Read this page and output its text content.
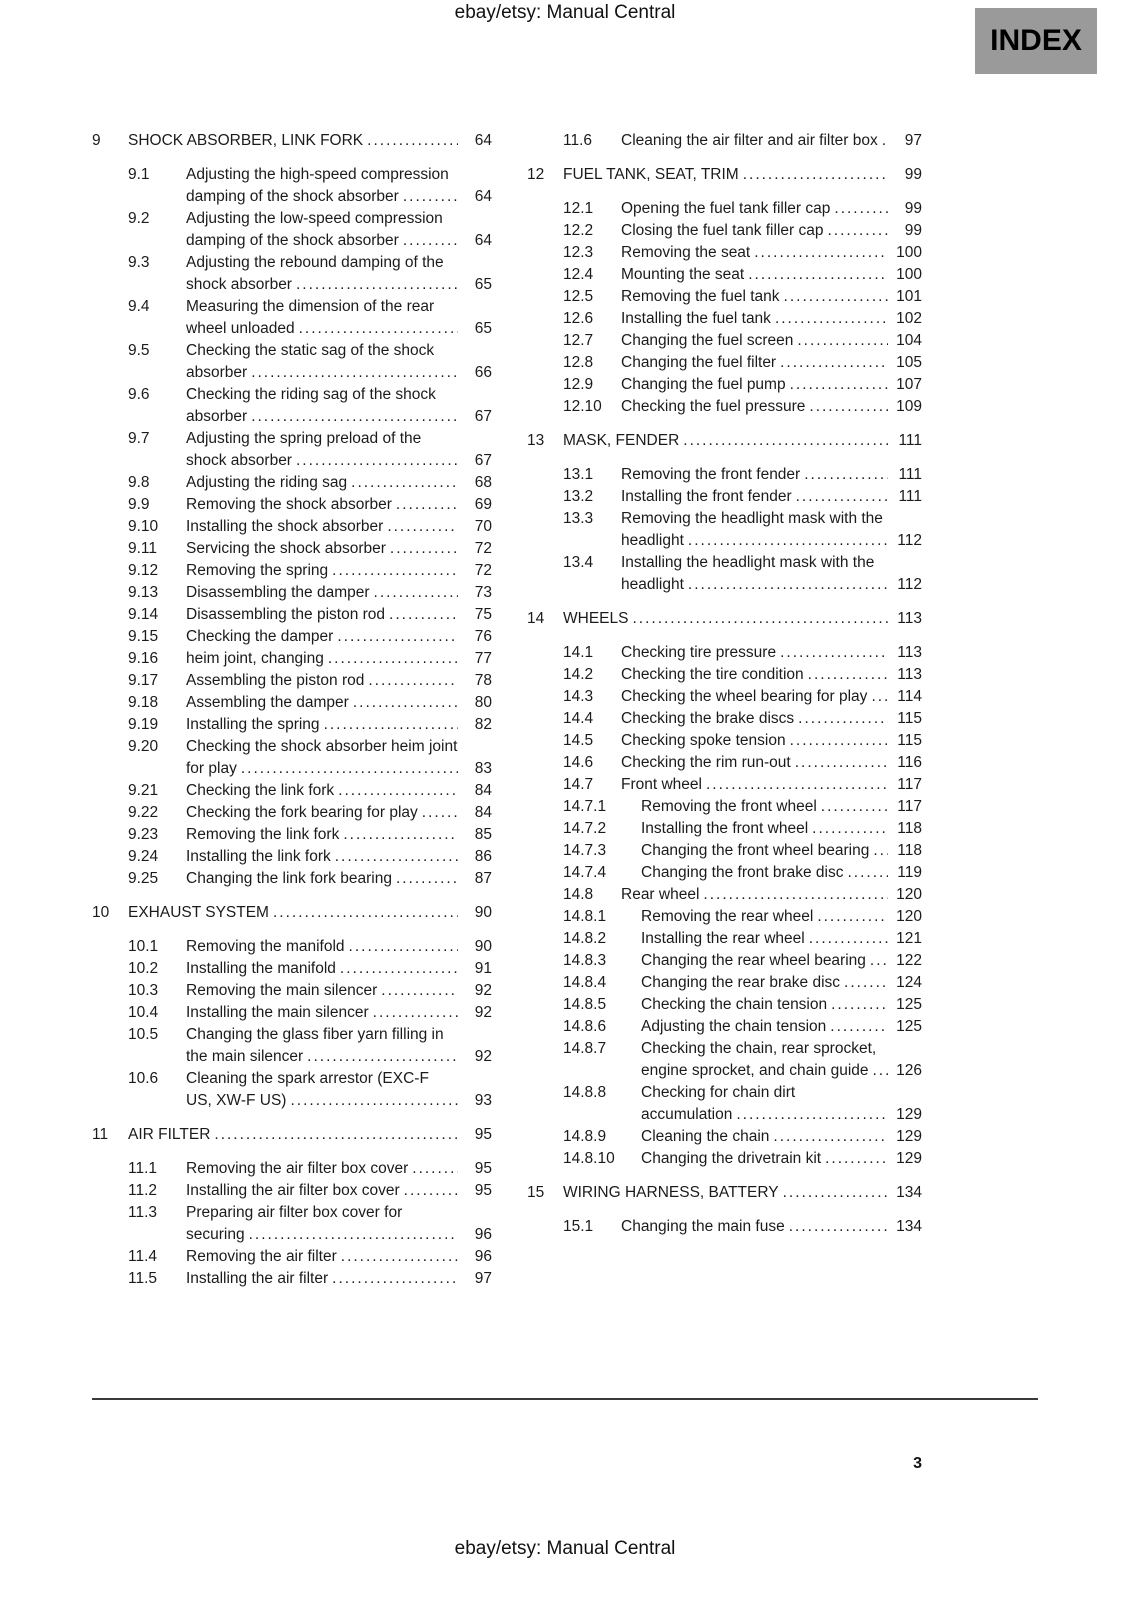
ebay/etsy: Manual Central
INDEX
9	SHOCK ABSORBER, LINK FORK .....	64
9.1	Adjusting the high-speed compression damping of the shock absorber .....	64
9.2	Adjusting the low-speed compression damping of the shock absorber .....	64
9.3	Adjusting the rebound damping of the shock absorber .....	65
9.4	Measuring the dimension of the rear wheel unloaded .....	65
9.5	Checking the static sag of the shock absorber .....	66
9.6	Checking the riding sag of the shock absorber .....	67
9.7	Adjusting the spring preload of the shock absorber .....	67
9.8	Adjusting the riding sag .....	68
9.9	Removing the shock absorber .....	69
9.10	Installing the shock absorber .....	70
9.11	Servicing the shock absorber .....	72
9.12	Removing the spring .....	72
9.13	Disassembling the damper .....	73
9.14	Disassembling the piston rod .....	75
9.15	Checking the damper .....	76
9.16	heim joint, changing .....	77
9.17	Assembling the piston rod .....	78
9.18	Assembling the damper .....	80
9.19	Installing the spring .....	82
9.20	Checking the shock absorber heim joint for play .....	83
9.21	Checking the link fork .....	84
9.22	Checking the fork bearing for play .....	84
9.23	Removing the link fork .....	85
9.24	Installing the link fork .....	86
9.25	Changing the link fork bearing .....	87
10	EXHAUST SYSTEM .....	90
10.1	Removing the manifold .....	90
10.2	Installing the manifold .....	91
10.3	Removing the main silencer .....	92
10.4	Installing the main silencer .....	92
10.5	Changing the glass fiber yarn filling in the main silencer .....	92
10.6	Cleaning the spark arrestor (EXC-F US, XW-F US) .....	93
11	AIR FILTER .....	95
11.1	Removing the air filter box cover .....	95
11.2	Installing the air filter box cover .....	95
11.3	Preparing air filter box cover for securing .....	96
11.4	Removing the air filter .....	96
11.5	Installing the air filter .....	97
11.6	Cleaning the air filter and air filter box .....	97
12	FUEL TANK, SEAT, TRIM .....	99
12.1	Opening the fuel tank filler cap .....	99
12.2	Closing the fuel tank filler cap .....	99
12.3	Removing the seat .....	100
12.4	Mounting the seat .....	100
12.5	Removing the fuel tank .....	101
12.6	Installing the fuel tank .....	102
12.7	Changing the fuel screen .....	104
12.8	Changing the fuel filter .....	105
12.9	Changing the fuel pump .....	107
12.10	Checking the fuel pressure .....	109
13	MASK, FENDER .....	111
13.1	Removing the front fender .....	111
13.2	Installing the front fender .....	111
13.3	Removing the headlight mask with the headlight .....	112
13.4	Installing the headlight mask with the headlight .....	112
14	WHEELS .....	113
14.1	Checking tire pressure .....	113
14.2	Checking the tire condition .....	113
14.3	Checking the wheel bearing for play .....	114
14.4	Checking the brake discs .....	115
14.5	Checking spoke tension .....	115
14.6	Checking the rim run-out .....	116
14.7	Front wheel .....	117
14.7.1	Removing the front wheel .....	117
14.7.2	Installing the front wheel .....	118
14.7.3	Changing the front wheel bearing .....	118
14.7.4	Changing the front brake disc .....	119
14.8	Rear wheel .....	120
14.8.1	Removing the rear wheel .....	120
14.8.2	Installing the rear wheel .....	121
14.8.3	Changing the rear wheel bearing .....	122
14.8.4	Changing the rear brake disc .....	124
14.8.5	Checking the chain tension .....	125
14.8.6	Adjusting the chain tension .....	125
14.8.7	Checking the chain, rear sprocket, engine sprocket, and chain guide .....	126
14.8.8	Checking for chain dirt accumulation .....	129
14.8.9	Cleaning the chain .....	129
14.8.10	Changing the drivetrain kit .....	129
15	WIRING HARNESS, BATTERY .....	134
15.1	Changing the main fuse .....	134
3
ebay/etsy: Manual Central
